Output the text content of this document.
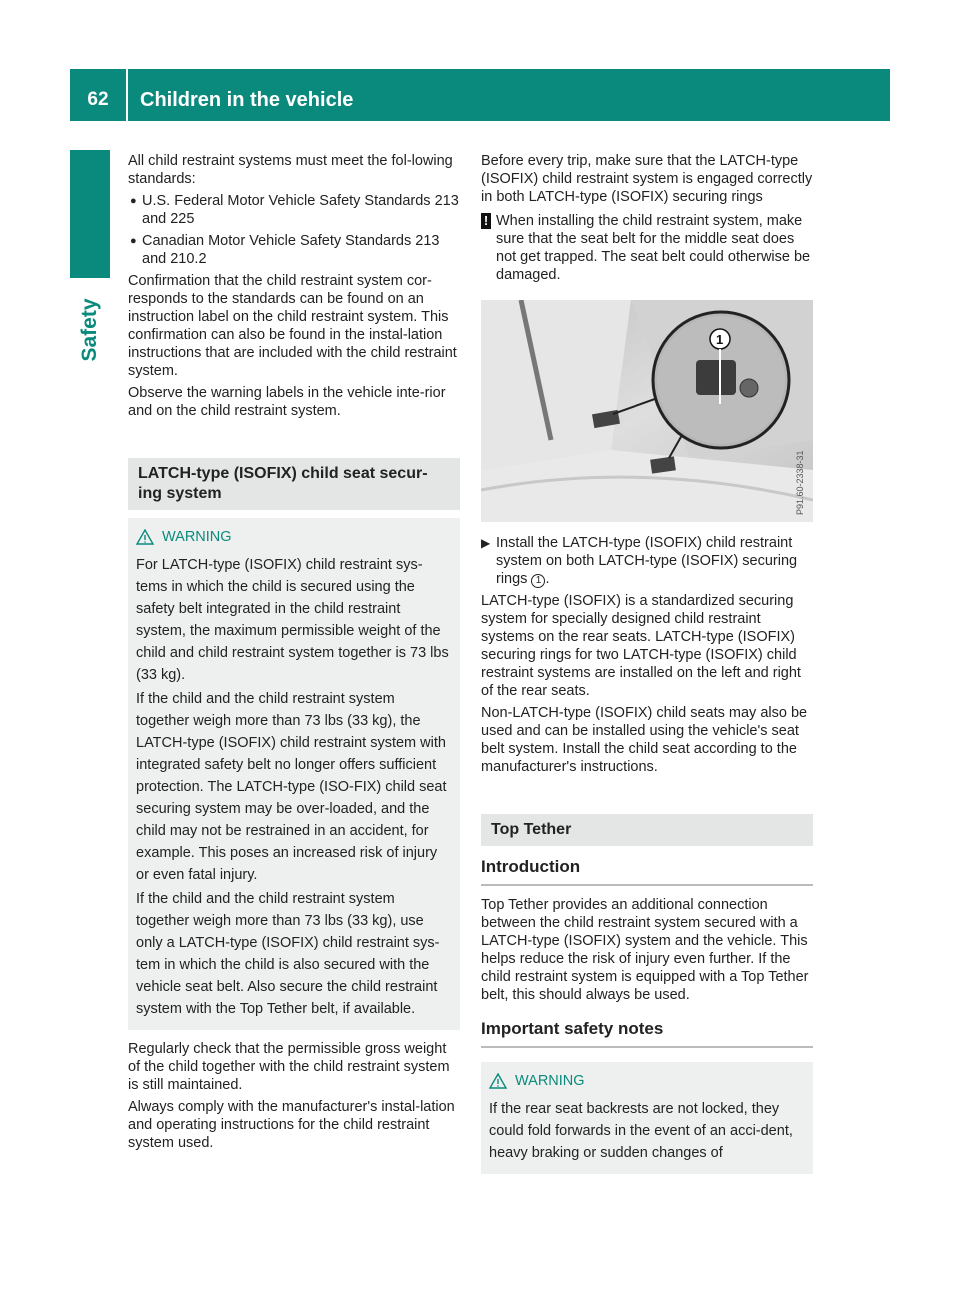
62	Children in the vehicle
Safety

All child restraint systems must meet the fol-lowing standards:

● U.S. Federal Motor Vehicle Safety Standards 213 and 225
● Canadian Motor Vehicle Safety Standards 213 and 210.2

Confirmation that the child restraint system cor-responds to the standards can be found on an instruction label on the child restraint system. This confirmation can also be found in the instal-lation instructions that are included with the child restraint system.

Observe the warning labels in the vehicle inte-rior and on the child restraint system.

LATCH-type (ISOFIX) child seat secur-ing system
WARNING

For LATCH-type (ISOFIX) child restraint sys-tems in which the child is secured using the safety belt integrated in the child restraint system, the maximum permissible weight of the child and child restraint system together is 73 lbs (33 kg).

If the child and the child restraint system together weigh more than 73 lbs (33 kg), the LATCH-type (ISOFIX) child restraint system with integrated safety belt no longer offers sufficient protection. The LATCH-type (ISO-FIX) child seat securing system may be over-loaded, and the child may not be restrained in an accident, for example. This poses an increased risk of injury or even fatal injury.

If the child and the child restraint system together weigh more than 73 lbs (33 kg), use only a LATCH-type (ISOFIX) child restraint sys-tem in which the child is also secured with the vehicle seat belt. Also secure the child restraint system with the Top Tether belt, if available.

Regularly check that the permissible gross weight of the child together with the child restraint system is still maintained.

Always comply with the manufacturer's instal-lation and operating instructions for the child restraint system used.

Before every trip, make sure that the LATCH-type (ISOFIX) child restraint system is engaged correctly in both LATCH-type (ISOFIX) securing rings

! When installing the child restraint system, make sure that the seat belt for the middle seat does not get trapped. The seat belt could otherwise be damaged.
1
P91.60-2338-31
▶ Install the LATCH-type (ISOFIX) child restraint system on both LATCH-type (ISOFIX) securing rings 1 .

LATCH-type (ISOFIX) is a standardized securing system for specially designed child restraint systems on the rear seats. LATCH-type (ISOFIX) securing rings for two LATCH-type (ISOFIX) child restraint systems are installed on the left and right of the rear seats.

Non-LATCH-type (ISOFIX) child seats may also be used and can be installed using the vehicle's seat belt system. Install the child seat according to the manufacturer's instructions.

Top Tether
Introduction

Top Tether provides an additional connection between the child restraint system secured with a LATCH-type (ISOFIX) system and the vehicle. This helps reduce the risk of injury even further. If the child restraint system is equipped with a Top Tether belt, this should always be used.

Important safety notes
WARNING

If the rear seat backrests are not locked, they could fold forwards in the event of an acci-dent, heavy braking or sudden changes of
